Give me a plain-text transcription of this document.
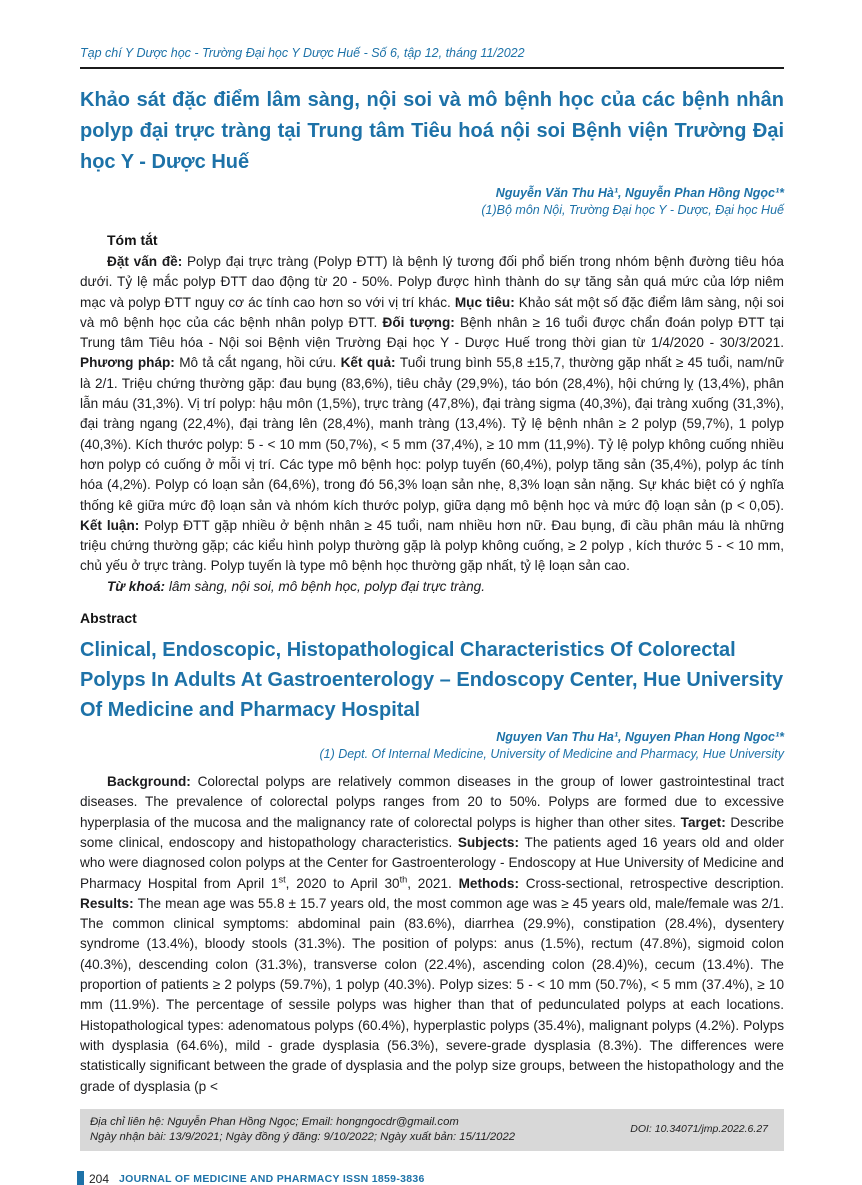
Tạp chí Y Dược học - Trường Đại học Y Dược Huế - Số 6, tập 12, tháng 11/2022
Khảo sát đặc điểm lâm sàng, nội soi và mô bệnh học của các bệnh nhân polyp đại trực tràng tại Trung tâm Tiêu hoá nội soi Bệnh viện Trường Đại học Y - Dược Huế
Nguyễn Văn Thu Hà¹, Nguyễn Phan Hồng Ngọc¹*
(1)Bộ môn Nội, Trường Đại học Y - Dược, Đại học Huế
Tóm tắt

Đặt vấn đề: Polyp đại trực tràng (Polyp ĐTT) là bệnh lý tương đối phổ biến trong nhóm bệnh đường tiêu hóa dưới. Tỷ lệ mắc polyp ĐTT dao động từ 20 - 50%. Polyp được hình thành do sự tăng sản quá mức của lớp niêm mạc và polyp ĐTT nguy cơ ác tính cao hơn so với vị trí khác. Mục tiêu: Khảo sát một số đặc điểm lâm sàng, nội soi và mô bệnh học của các bệnh nhân polyp ĐTT. Đối tượng: Bệnh nhân ≥ 16 tuổi được chẩn đoán polyp ĐTT tại Trung tâm Tiêu hóa - Nội soi Bệnh viện Trường Đại học Y - Dược Huế trong thời gian từ 1/4/2020 - 30/3/2021. Phương pháp: Mô tả cắt ngang, hồi cứu. Kết quả: Tuổi trung bình 55,8 ±15,7, thường gặp nhất ≥ 45 tuổi, nam/nữ là 2/1. Triệu chứng thường gặp: đau bụng (83,6%), tiêu chảy (29,9%), táo bón (28,4%), hội chứng lỵ (13,4%), phân lẫn máu (31,3%). Vị trí polyp: hậu môn (1,5%), trực tràng (47,8%), đại tràng sigma (40,3%), đại tràng xuống (31,3%), đại tràng ngang (22,4%), đại tràng lên (28,4%), manh tràng (13,4%). Tỷ lệ bệnh nhân ≥ 2 polyp (59,7%), 1 polyp (40,3%). Kích thước polyp: 5 - < 10 mm (50,7%), < 5 mm (37,4%), ≥ 10 mm (11,9%). Tỷ lệ polyp không cuống nhiều hơn polyp có cuống ở mỗi vị trí. Các type mô bệnh học: polyp tuyến (60,4%), polyp tăng sản (35,4%), polyp ác tính hóa (4,2%). Polyp có loạn sản (64,6%), trong đó 56,3% loạn sản nhẹ, 8,3% loạn sản nặng. Sự khác biệt có ý nghĩa thống kê giữa mức độ loạn sản và nhóm kích thước polyp, giữa dạng mô bệnh học và mức độ loạn sản (p < 0,05). Kết luận: Polyp ĐTT gặp nhiều ở bệnh nhân ≥ 45 tuổi, nam nhiều hơn nữ. Đau bụng, đi cầu phân máu là những triệu chứng thường gặp; các kiểu hình polyp thường gặp là polyp không cuống, ≥ 2 polyp , kích thước 5 - < 10 mm, chủ yếu ở trực tràng. Polyp tuyến là type mô bệnh học thường gặp nhất, tỷ lệ loạn sản cao.

Từ khoá: lâm sàng, nội soi, mô bệnh học, polyp đại trực tràng.

Abstract
Clinical, Endoscopic, Histopathological Characteristics Of Colorectal Polyps In Adults At Gastroenterology – Endoscopy Center, Hue University Of Medicine and Pharmacy Hospital
Nguyen Van Thu Ha¹, Nguyen Phan Hong Ngoc¹*
(1) Dept. Of Internal Medicine, University of Medicine and Pharmacy, Hue University

Background: Colorectal polyps are relatively common diseases in the group of lower gastrointestinal tract diseases. The prevalence of colorectal polyps ranges from 20 to 50%. Polyps are formed due to excessive hyperplasia of the mucosa and the malignancy rate of colorectal polyps is higher than other sites. Target: Describe some clinical, endoscopy and histopathology characteristics. Subjects: The patients aged 16 years old and older who were diagnosed colon polyps at the Center for Gastroenterology - Endoscopy at Hue University of Medicine and Pharmacy Hospital from April 1st, 2020 to April 30th, 2021. Methods: Cross-sectional, retrospective description. Results: The mean age was 55.8 ± 15.7 years old, the most common age was ≥ 45 years old, male/female was 2/1. The common clinical symptoms: abdominal pain (83.6%), diarrhea (29.9%), constipation (28.4%), dysentery syndrome (13.4%), bloody stools (31.3%). The position of polyps: anus (1.5%), rectum (47.8%), sigmoid colon (40.3%), descending colon (31.3%), transverse colon (22.4%), ascending colon (28.4)%), cecum (13.4%). The proportion of patients ≥ 2 polyps (59.7%), 1 polyp (40.3%). Polyp sizes: 5 - < 10 mm (50.7%), < 5 mm (37.4%), ≥ 10 mm (11.9%). The percentage of sessile polyps was higher than that of pedunculated polyps at each locations. Histopathological types: adenomatous polyps (60.4%), hyperplastic polyps (35.4%), malignant polyps (4.2%). Polyps with dysplasia (64.6%), mild - grade dysplasia (56.3%), severe-grade dysplasia (8.3%). The differences were statistically significant between the grade of dysplasia and the polyp size groups, between the histopathology and the grade of dysplasia (p <

Địa chỉ liên hệ: Nguyễn Phan Hồng Ngọc; Email: hongngocdr@gmail.com
Ngày nhận bài: 13/9/2021; Ngày đồng ý đăng: 9/10/2022; Ngày xuất bản: 15/11/2022
DOI: 10.34071/jmp.2022.6.27
204 JOURNAL OF MEDICINE AND PHARMACY ISSN 1859-3836
